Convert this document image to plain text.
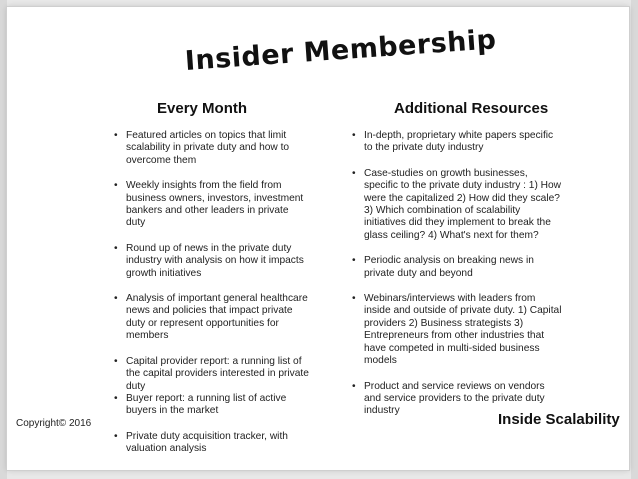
Insider Membership
Every Month	Additional Resources
• Featured articles on topics that limit scalability in private duty and how to overcome them
• Weekly insights from the field from business owners, investors, investment bankers and other leaders in private duty
• Round up of news in the private duty industry with analysis on how it impacts growth initiatives
• Analysis of important general healthcare news and policies that impact private duty or represent opportunities for members
• Capital provider report: a running list of the capital providers interested in private duty
• Buyer report: a running list of active buyers in the market
• Private duty acquisition tracker, with valuation analysis
• In-depth, proprietary white papers specific to the private duty industry
• Case-studies on growth businesses, specific to the private duty industry : 1) How were the capitalized 2) How did they scale? 3) Which combination of scalability initiatives did they implement to break the glass ceiling? 4) What's next for them?
• Periodic analysis on breaking news in private duty and beyond
• Webinars/interviews with leaders from inside and outside of private duty. 1) Capital providers 2) Business strategists 3) Entrepreneurs from other industries that have competed in multi-sided business models
• Product and service reviews on vendors and service providers to the private duty industry
Copyright© 2016	Inside Scalability
